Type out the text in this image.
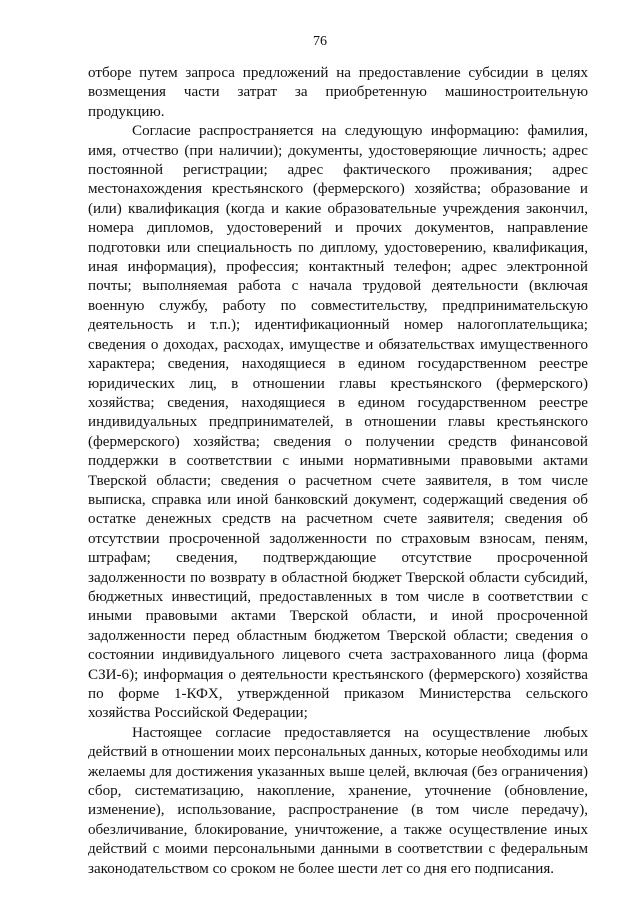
76

отборе путем запроса предложений на предоставление субсидии в целях возмещения части затрат за приобретенную машиностроительную продукцию.

Согласие распространяется на следующую информацию: фамилия, имя, отчество (при наличии); документы, удостоверяющие личность; адрес постоянной регистрации; адрес фактического проживания; адрес местонахождения крестьянского (фермерского) хозяйства; образование и (или) квалификация (когда и какие образовательные учреждения закончил, номера дипломов, удостоверений и прочих документов, направление подготовки или специальность по диплому, удостоверению, квалификация, иная информация), профессия; контактный телефон; адрес электронной почты; выполняемая работа с начала трудовой деятельности (включая военную службу, работу по совместительству, предпринимательскую деятельность и т.п.); идентификационный номер налогоплательщика; сведения о доходах, расходах, имуществе и обязательствах имущественного характера; сведения, находящиеся в едином государственном реестре юридических лиц, в отношении главы крестьянского (фермерского) хозяйства; сведения, находящиеся в едином государственном реестре индивидуальных предпринимателей, в отношении главы крестьянского (фермерского) хозяйства; сведения о получении средств финансовой поддержки в соответствии с иными нормативными правовыми актами Тверской области; сведения о расчетном счете заявителя, в том числе выписка, справка или иной банковский документ, содержащий сведения об остатке денежных средств на расчетном счете заявителя; сведения об отсутствии просроченной задолженности по страховым взносам, пеням, штрафам; сведения, подтверждающие отсутствие просроченной задолженности по возврату в областной бюджет Тверской области субсидий, бюджетных инвестиций, предоставленных в том числе в соответствии с иными правовыми актами Тверской области, и иной просроченной задолженности перед областным бюджетом Тверской области; сведения о состоянии индивидуального лицевого счета застрахованного лица (форма СЗИ-6); информация о деятельности крестьянского (фермерского) хозяйства по форме 1-КФХ, утвержденной приказом Министерства сельского хозяйства Российской Федерации;

Настоящее согласие предоставляется на осуществление любых действий в отношении моих персональных данных, которые необходимы или желаемы для достижения указанных выше целей, включая (без ограничения) сбор, систематизацию, накопление, хранение, уточнение (обновление, изменение), использование, распространение (в том числе передачу), обезличивание, блокирование, уничтожение, а также осуществление иных действий с моими персональными данными в соответствии с федеральным законодательством со сроком не более шести лет со дня его подписания.
